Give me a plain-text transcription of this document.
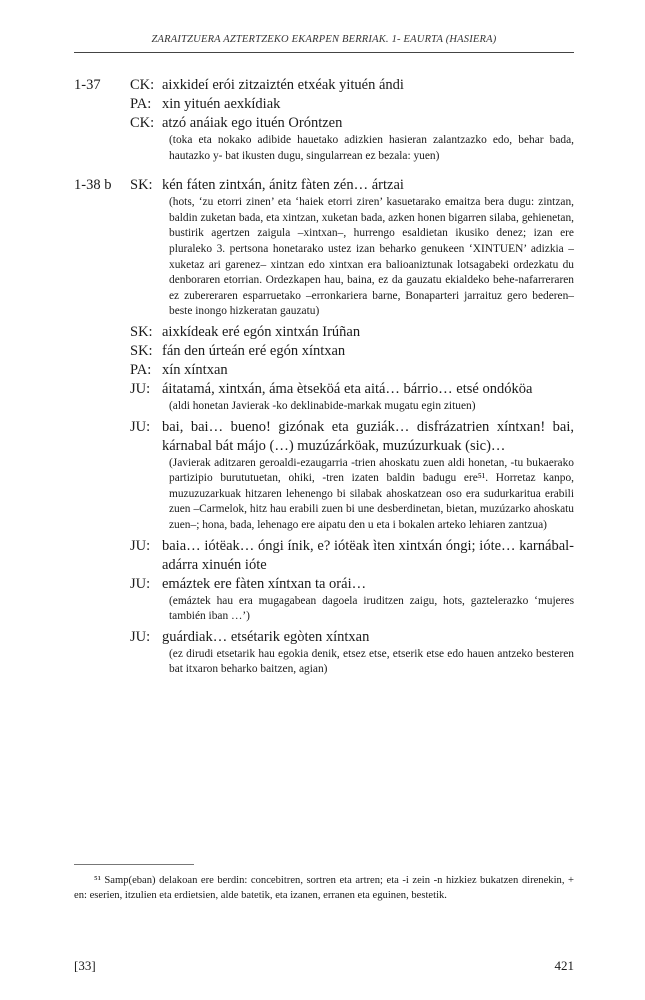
ZARAITZUERA AZTERTZEKO EKARPEN BERRIAK. 1- EAURTA (HASIERA)
1-37 CK: aixkideí erói zitzaiztén etxéak yituén ándi
PA: xin yituén aexkídiak
CK: atzó anáiak ego ituén Oróntzen
(toka eta nokako adibide hauetako adizkien hasieran zalantzazko edo, behar bada, hautazko y- bat ikusten dugu, singularrean ez bezala: yuen)
1-38 b SK: kén fáten zintxán, ánitz fàten zén… ártzai
(hots, ‘zu etorri zinen’ eta ‘haiek etorri ziren’ kasuetarako emaitza bera dugu: zintzan, baldin zuketan bada, eta xintzan, xuketan bada, azken honen bigarren silaba, gehienetan, bustirik agertzen zaigula –xintxan–, hurrengo esaldietan ikusiko denez; izan ere pluraleko 3. pertsona honetarako ustez izan beharko genukeen ‘XINTUEN’ adizkia –xuketaz ari garenez– xintzan edo xintxan era balioaniztunak lotsagabeki ordezkatu du denboraren etorrian. Ordezkapen hau, baina, ez da gauzatu ekialdeko behe-nafarreraren ez zubereraren esparruetako –erronkariera barne, Bonaparteri jarraituz gero bederen– beste inongo hizkeratan gauzatu)
SK: aixkídeak eré egón xintxán Irúñan
SK: fán den úrteán eré egón xíntxan
PA: xín xíntxan
JU: áitatamá, xintxán, áma ètseköá eta aitá… bárrio… etsé ondóköa
(aldi honetan Javierak -ko deklinabide-markak mugatu egin zituen)
JU: bai, bai… bueno! gizónak eta guziák… disfrázatrien xíntxan! bai, kárnabal bát májo (…) muzúzárköak, muzúzurkuak (sic)…
(Javierak aditzaren geroaldi-ezaugarria -trien ahoskatu zuen aldi honetan, -tu bukaerako partizipio burututuetan, ohiki, -tren izaten baldin badugu ere⁵¹. Horretaz kanpo, muzuzuzarkuak hitzaren lehenengo bi silabak ahoskatzean oso era sudurkaritua erabili zuen –Carmelok, hitz hau erabili zuen bi une desberdinetan, bietan, muzúzarko ahoskatu zuen–; hona, bada, lehenago ere aipatu den u eta i bokalen arteko lehiaren zantzua)
JU: baia… iótëak… óngi ínik, e? iótëak ìten xintxán óngi; ióte… karnábal-adárra xinuén ióte
JU: emáztek ere fàten xíntxan ta orái…
(emáztek hau era mugagabean dagoela iruditzen zaigu, hots, gaztelerazko ‘mujeres también iban …’)
JU: guárdiak… etsétarik egòten xíntxan
(ez dirudi etsetarik hau egokia denik, etsez etse, etserik etse edo hauen antzeko besteren bat itxaron beharko baitzen, agian)
⁵¹ Samp(eban) delakoan ere berdin: concebitren, sortren eta artren; eta -i zein -n hizkiez bukatzen direnekin, + en: eserien, itzulien eta erdietsien, alde batetik, eta izanen, erranen eta eguinen, bestetik.
[33]	421
